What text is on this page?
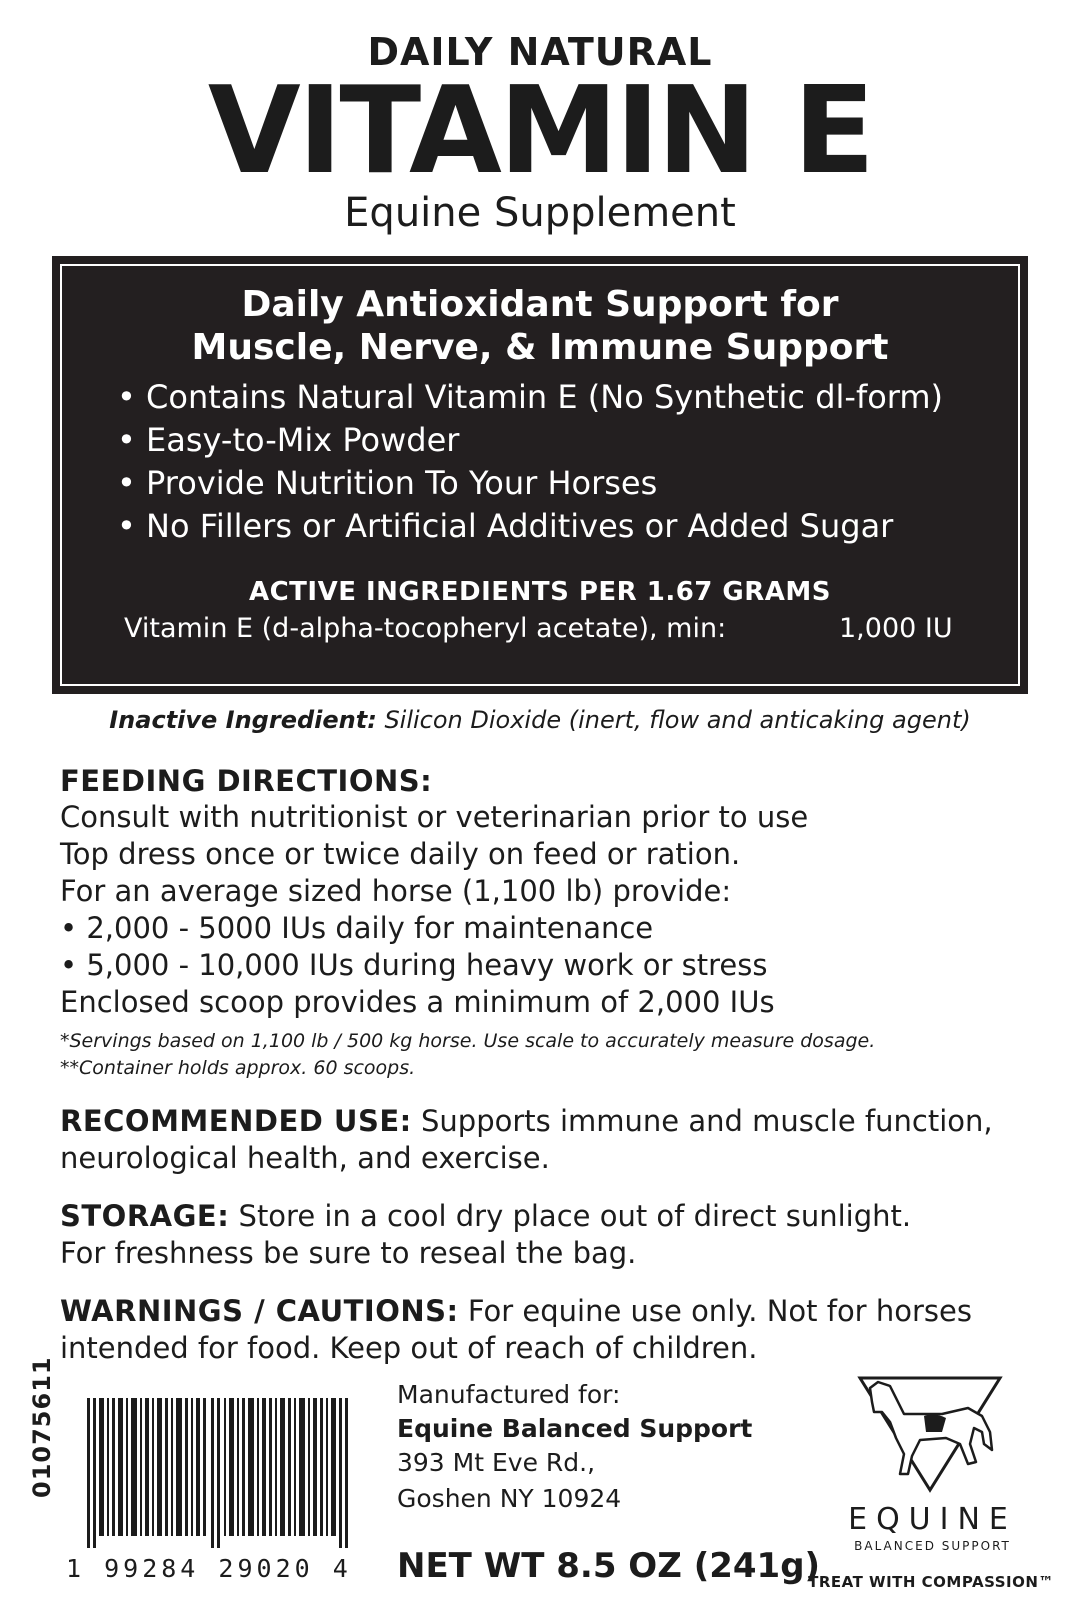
DAILY NATURAL
VITAMIN E
Equine Supplement
Daily Antioxidant Support for
Muscle, Nerve, & Immune Support
• Contains Natural Vitamin E (No Synthetic dl-form)
• Easy-to-Mix Powder
• Provide Nutrition To Your Horses
• No Fillers or Artificial Additives or Added Sugar
ACTIVE INGREDIENTS PER 1.67 GRAMS
Vitamin E (d-alpha-tocopheryl acetate), min:	1,000 IU
Inactive Ingredient: Silicon Dioxide (inert, flow and anticaking agent)
FEEDING DIRECTIONS:
Consult with nutritionist or veterinarian prior to use
Top dress once or twice daily on feed or ration.
For an average sized horse (1,100 lb) provide:
• 2,000 - 5000 IUs daily for maintenance
• 5,000 - 10,000 IUs during heavy work or stress
Enclosed scoop provides a minimum of 2,000 IUs
*Servings based on 1,100 lb / 500 kg horse. Use scale to accurately measure dosage.
**Container holds approx. 60 scoops.
RECOMMENDED USE: Supports immune and muscle function,
neurological health, and exercise.
STORAGE: Store in a cool dry place out of direct sunlight.
For freshness be sure to reseal the bag.
WARNINGS / CAUTIONS: For equine use only. Not for horses
intended for food. Keep out of reach of children.
01075611
1 99284 29020 4
Manufactured for:
Equine Balanced Support
393 Mt Eve Rd.,
Goshen NY 10924
NET WT 8.5 OZ (241g)
EQUINE
BALANCED SUPPORT
TREAT WITH COMPASSION™
